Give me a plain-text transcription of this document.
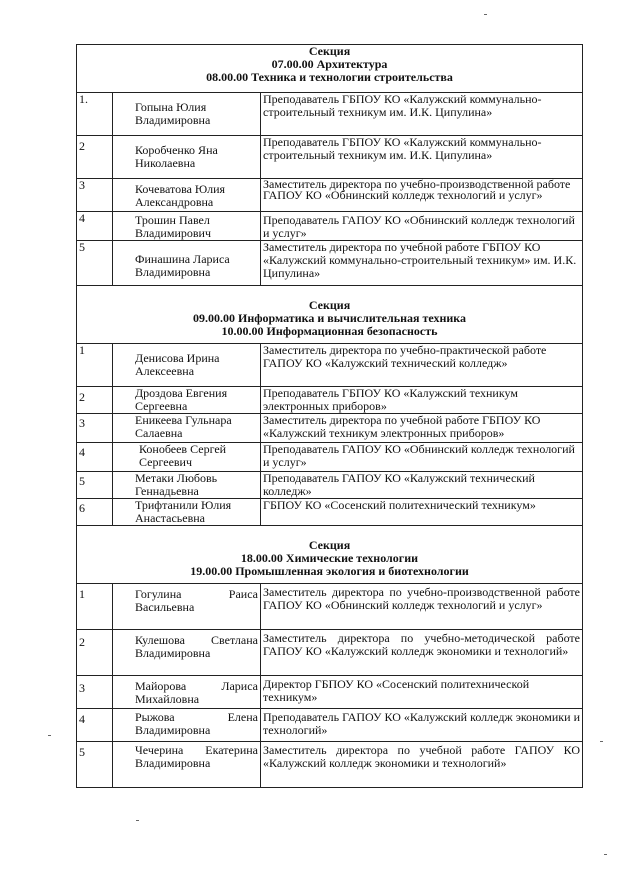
Секция
07.00.00 Архитектура
08.00.00 Техника и технологии строительства		

1.	Гопына Юлия Владимировна	Преподаватель ГБПОУ КО «Калужский коммунально-строительный техникум им. И.К. Ципулина»
2	Коробченко Яна Николаевна	Преподаватель ГБПОУ КО «Калужский коммунально-строительный техникум им. И.К. Ципулина»
3	Кочеватова Юлия Александровна	Заместитель директора по учебно-производственной работе ГАПОУ КО «Обнинский колледж технологий и услуг»
4	Трошин Павел Владимирович	Преподаватель ГАПОУ КО «Обнинский колледж технологий и услуг»
5	Финашина Лариса Владимировна	Заместитель директора по учебной работе ГБПОУ КО «Калужский коммунально-строительный техникум» им. И.К. Ципулина»

Секция
09.00.00 Информатика и вычислительная техника
10.00.00 Информационная безопасность		

1	Денисова Ирина Алексеевна	Заместитель директора по учебно-практической работе ГАПОУ КО «Калужский технический колледж»
2	Дроздова Евгения Сергеевна	Преподаватель ГБПОУ КО «Калужский техникум электронных приборов»
3	Еникеева Гульнара Салаевна	Заместитель директора по учебной работе ГБПОУ КО «Калужский техникум электронных приборов»
4	Конобеев Сергей Сергеевич	Преподаватель ГАПОУ КО «Обнинский колледж технологий и услуг»
5	Метаки Любовь Геннадьевна	Преподаватель ГАПОУ КО «Калужский технический колледж»
6	Трифтанили Юлия Анастасьевна	ГБПОУ КО «Сосенский политехнический техникум»

Секция
18.00.00 Химические технологии
19.00.00 Промышленная экология и биотехнологии		

1	Гогулина Раиса Васильевна	Заместитель директора по учебно-производственной работе ГАПОУ КО «Обнинский колледж технологий и услуг»
2	Кулешова Светлана Владимировна	Заместитель директора по учебно-методической работе ГАПОУ КО «Калужский колледж экономики и технологий»
3	Майорова Лариса Михайловна	Директор ГБПОУ КО «Сосенский политехнической техникум»
4	Рыжова Елена Владимировна	Преподаватель ГАПОУ КО «Калужский колледж экономики и технологий»
5	Чечерина Екатерина Владимировна	Заместитель директора по учебной работе ГАПОУ КО «Калужский колледж экономики и технологий»
